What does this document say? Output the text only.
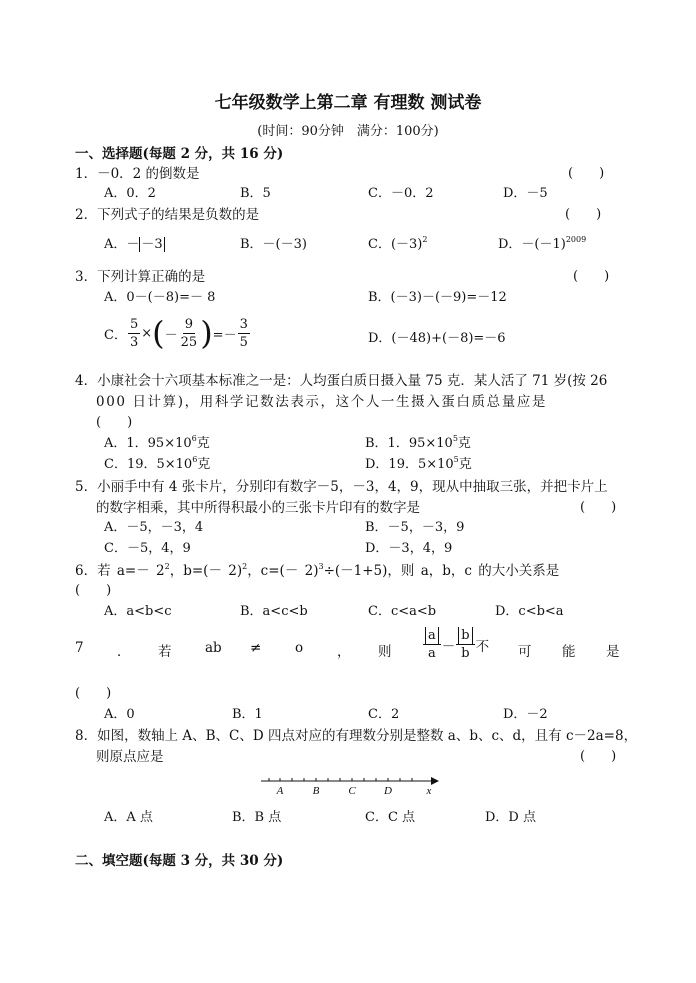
七年级数学上第二章 有理数 测试卷
(时间：90分钟　满分：100分)
一、选择题(每题 2 分，共 16 分)
1．－0．2 的倒数是	(　　)
A．0．2	B．5	C．－0．2	D．－5
2．下列式子的结果是负数的是	(　　)
A．－ －3	B．－(－3)	C．$(-3)^2$	D．$-(-1)^{2009}$
3．下列计算正确的是	(　　)
A．0－(－8)=－ 8	B．(－3)－(－9)=－12
C． $\frac{5}{3}$ × ( － $\frac{9}{25}$ ) =－ $\frac{3}{5}$	D．(－48)+(－8)=－6
4．小康社会十六项基本标准之一是：人均蛋白质日摄入量 75 克．某人活了 71 岁(按 26
000 日计算)，用科学记数法表示，这个人一生摄入蛋白质总量应是
(　　)
A．1．$95\times 10^6$克	B．1．$95\times 10^5$克
C．19．$5\times 10^6$克	D．19．$5\times 10^5$克
5．小丽手中有 4 张卡片，分别印有数字－5，－3，4，9，现从中抽取三张，并把卡片上
的数字相乘，其中所得积最小的三张卡片印有的数字是	(　　)
A．－5，－3，4	B．－5，－3，9
C．－5，4，9	D．－3，4，9
6．若 $a=- 2^2$，$b=(- 2)^2$，$c=(- 2)^3\div(-1+5)$，则 a，b，c 的大小关系是
(　　)
A．a<b<c	B．a<c<b	C．c<a<b	D．c<b<a
7 ． 若 ab ≠ o	， 则 $\frac{a}{a} - \frac{b}{b}$ 不 可 能 是
(　　)
A．0	B．1	C．2	D．－2
8．如图，数轴上 A、B、C、D 四点对应的有理数分别是整数 a、b、c、d，且有 c－2a=8，
则原点应是	(　　)
A	B	C	D	x
A．A 点	B．B 点	C．C 点	D．D 点
二、填空题(每题 3 分，共 30 分)
